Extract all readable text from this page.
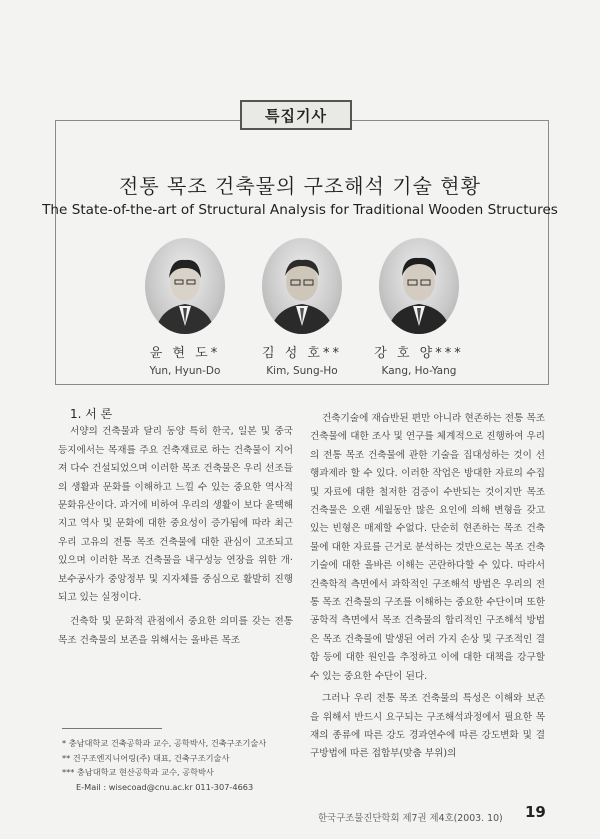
특집기사
전통 목조 건축물의 구조해석 기술 현황
The State-of-the-art of Structural Analysis for Traditional Wooden Structures
윤 현 도*
Yun, Hyun-Do
김 성 호**
Kim, Sung-Ho
강 호 양***
Kang, Ho-Yang

1. 서 론

서양의 건축물과 달리 동양 특히 한국, 일본 및 중국 등지에서는 목재를 주요 건축재료로 하는 건축물이 지어져 다수 건설되었으며 이러한 목조 건축물은 우리 선조들의 생활과 문화를 이해하고 느낄 수 있는 중요한 역사적 문화유산이다. 과거에 비하여 우리의 생활이 보다 윤택해지고 역사 및 문화에 대한 중요성이 증가됨에 따라 최근 우리 고유의 전통 목조 건축물에 대한 관심이 고조되고 있으며 이러한 목조 건축물을 내구성능 연장을 위한 개·보수공사가 중앙정부 및 지자체를 중심으로 활발히 진행되고 있는 실정이다.

건축학 및 문화적 관점에서 중요한 의미를 갖는 전통 목조 건축물의 보존을 위해서는 올바른 목조

건축기술에 재습반된 편만 아니라 현존하는 전통 목조 건축물에 대한 조사 및 연구를 체계적으로 진행하여 우리의 전통 목조 건축물에 관한 기술을 집대성하는 것이 선행과제라 할 수 있다. 이러한 작업은 방대한 자료의 수집 및 자료에 대한 철저한 검증이 수반되는 것이지만 목조 건축물은 오랜 세월동안 많은 요인에 의해 변형을 갖고 있는 빈형은 매제할 수없다. 단순히 현존하는 목조 건축물에 대한 자료를 근거로 분석하는 것만으로는 목조 건축기술에 대한 올바른 이해는 곤란하다할 수 있다. 따라서 건축학적 측면에서 과학적인 구조해석 방법은 우리의 전통 목조 건축물의 구조를 이해하는 중요한 수단이며 또한 공학적 측면에서 목조 건축물의 합리적인 구조해석 방법은 목조 건축물에 발생된 여러 가지 손상 및 구조적인 결함 등에 대한 원인을 추정하고 이에 대한 대책을 강구할 수 있는 중요한 수단이 된다.

그러나 우리 전통 목조 건축물의 특성은 이해와 보존을 위해서 반드시 요구되는 구조해석과정에서 필요한 목재의 종류에 따른 강도 경과연수에 따른 강도변화 및 결구방법에 따른 접합부(맞춤 부위)의

* 충남대학교 건축공학과 교수, 공학박사, 건축구조기술사
** 건구조엔지니어링(주) 대표, 건축구조기술사
*** 충남대학교 현산공학과 교수, 공학박사
E-Mail : wisecoad@cnu.ac.kr 011-307-4663
한국구조물진단학회 제7권 제4호(2003. 10) 19
